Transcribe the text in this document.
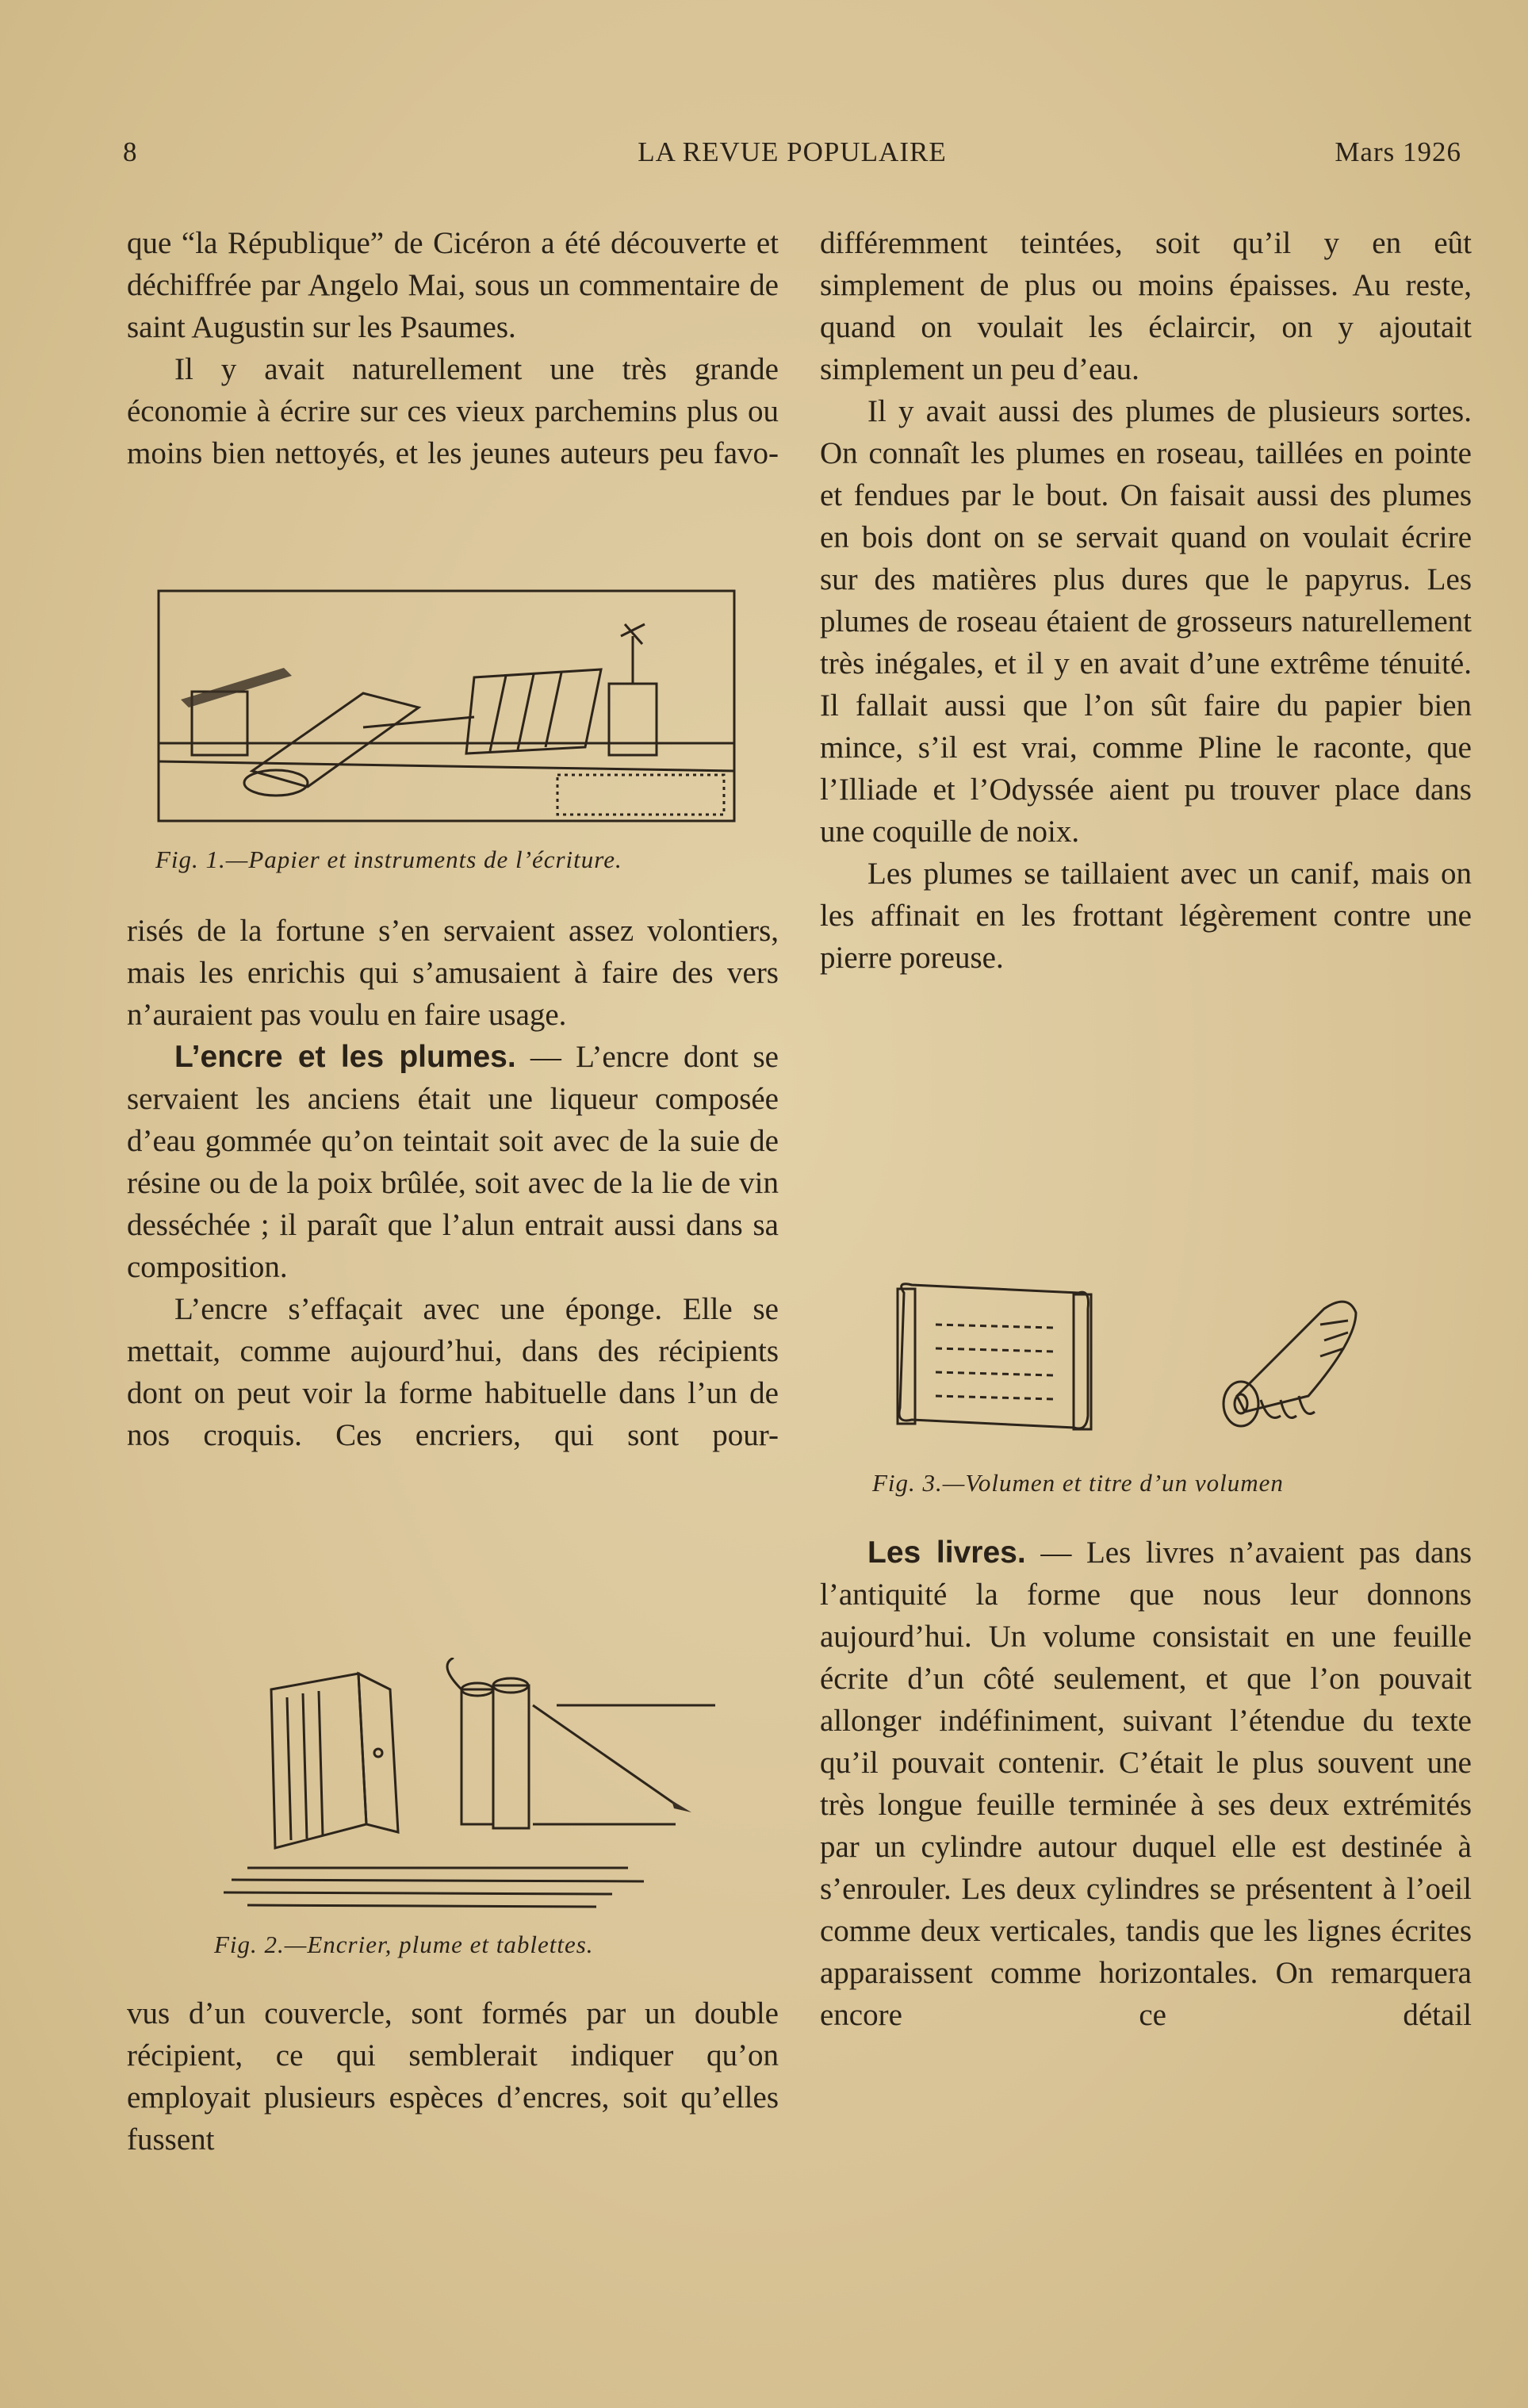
8	LA REVUE POPULAIRE	Mars 1926

que “la République” de Cicéron a été découverte et déchiffrée par Angelo Mai, sous un commentaire de saint Augustin sur les Psaumes.

Il y avait naturellement une très grande économie à écrire sur ces vieux parchemins plus ou moins bien nettoyés, et les jeunes auteurs peu favo-

Fig. 1.—Papier et instruments de l’écriture.

risés de la fortune s’en servaient assez volontiers, mais les enrichis qui s’amusaient à faire des vers n’auraient pas voulu en faire usage.

L’encre et les plumes. — L’encre dont se servaient les anciens était une liqueur composée d’eau gommée qu’on teintait soit avec de la suie de résine ou de la poix brûlée, soit avec de la lie de vin desséchée ; il paraît que l’alun entrait aussi dans sa composition.

L’encre s’effaçait avec une éponge. Elle se mettait, comme aujourd’hui, dans des récipients dont on peut voir la forme habituelle dans l’un de nos croquis. Ces encriers, qui sont pour-

Fig. 2.—Encrier, plume et tablettes.

vus d’un couvercle, sont formés par un double récipient, ce qui semblerait indiquer qu’on employait plusieurs espèces d’encres, soit qu’elles fussent

différemment teintées, soit qu’il y en eût simplement de plus ou moins épaisses. Au reste, quand on voulait les éclaircir, on y ajoutait simplement un peu d’eau.

Il y avait aussi des plumes de plusieurs sortes. On connaît les plumes en roseau, taillées en pointe et fendues par le bout. On faisait aussi des plumes en bois dont on se servait quand on voulait écrire sur des matières plus dures que le papyrus. Les plumes de roseau étaient de grosseurs naturellement très inégales, et il y en avait d’une extrême ténuité. Il fallait aussi que l’on sût faire du papier bien mince, s’il est vrai, comme Pline le raconte, que l’Illiade et l’Odyssée aient pu trouver place dans une coquille de noix.

Les plumes se taillaient avec un canif, mais on les affinait en les frottant légèrement contre une pierre poreuse.

Fig. 3.—Volumen et titre d’un volumen

Les livres. — Les livres n’avaient pas dans l’antiquité la forme que nous leur donnons aujourd’hui. Un volume consistait en une feuille écrite d’un côté seulement, et que l’on pouvait allonger indéfiniment, suivant l’étendue du texte qu’il pouvait contenir. C’était le plus souvent une très longue feuille terminée à ses deux extrémités par un cylindre autour duquel elle est destinée à s’enrouler. Les deux cylindres se présentent à l’oeil comme deux verticales, tandis que les lignes écrites apparaissent comme horizontales. On remarquera encore ce détail
